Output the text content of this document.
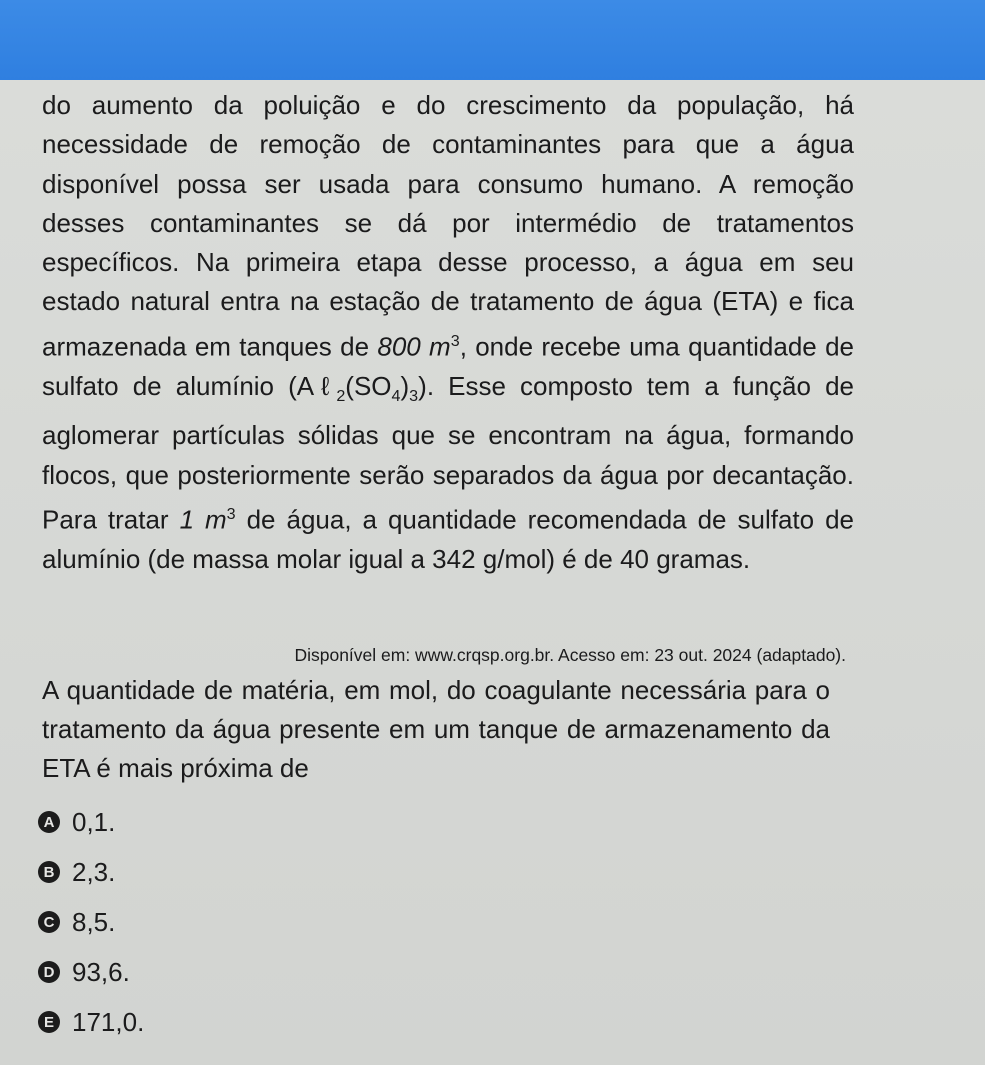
do aumento da poluição e do crescimento da população, há necessidade de remoção de contaminantes para que a água disponível possa ser usada para consumo humano. A remoção desses contaminantes se dá por intermédio de tratamentos específicos. Na primeira etapa desse processo, a água em seu estado natural entra na estação de tratamento de água (ETA) e fica armazenada em tanques de 800 $m^3$, onde recebe uma quantidade de sulfato de alumínio $(A\ell_2(SO_4)_3)$. Esse composto tem a função de aglomerar partículas sólidas que se encontram na água, formando flocos, que posteriormente serão separados da água por decantação. Para tratar 1 $m^3$ de água, a quantidade recomendada de sulfato de alumínio (de massa molar igual a 342 g/mol) é de 40 gramas.

Disponível em: www.crqsp.org.br. Acesso em: 23 out. 2024 (adaptado).

A quantidade de matéria, em mol, do coagulante necessária para o tratamento da água presente em um tanque de armazenamento da ETA é mais próxima de

A 0,1.
B 2,3.
C 8,5.
D 93,6.
E 171,0.
